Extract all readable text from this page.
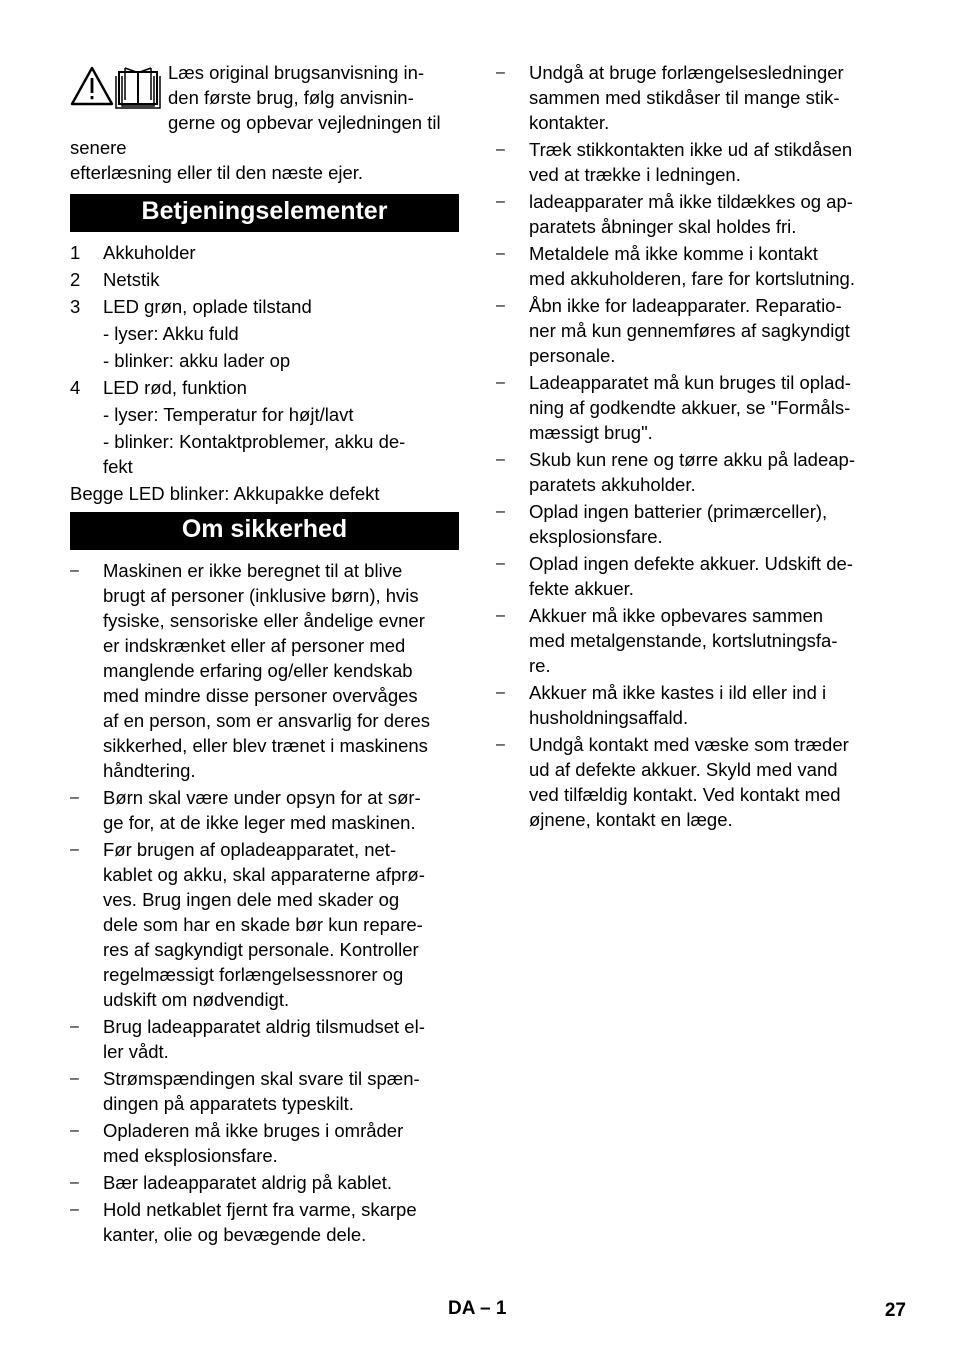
Læs original brugsanvisning in-
den første brug, følg anvisnin-
gerne og opbevar vejledningen til senere
efterlæsning eller til den næste ejer.

Betjeningselementer
1	Akkuholder
2	Netstik
3	LED grøn, oplade tilstand
- lyser: Akku fuld
- blinker: akku lader op
4	LED rød, funktion
- lyser: Temperatur for højt/lavt
- blinker: Kontaktproblemer, akku de-
fekt
Begge LED blinker: Akkupakke defekt
Om sikkerhed
–	Maskinen er ikke beregnet til at blive
brugt af personer (inklusive børn), hvis
fysiske, sensoriske eller åndelige evner
er indskrænket eller af personer med
manglende erfaring og/eller kendskab
med mindre disse personer overvåges
af en person, som er ansvarlig for deres
sikkerhed, eller blev trænet i maskinens
håndtering.
–	Børn skal være under opsyn for at sør-
ge for, at de ikke leger med maskinen.
–	Før brugen af opladeapparatet, net-
kablet og akku, skal apparaterne afprø-
ves. Brug ingen dele med skader og
dele som har en skade bør kun repare-
res af sagkyndigt personale. Kontroller
regelmæssigt forlængelsessnorer og
udskift om nødvendigt.
–	Brug ladeapparatet aldrig tilsmudset el-
ler vådt.
–	Strømspændingen skal svare til spæn-
dingen på apparatets typeskilt.
–	Opladeren må ikke bruges i områder
med eksplosionsfare.
–	Bær ladeapparatet aldrig på kablet.
–	Hold netkablet fjernt fra varme, skarpe
kanter, olie og bevægende dele.
–	Undgå at bruge forlængelsesledninger
sammen med stikdåser til mange stik-
kontakter.
–	Træk stikkontakten ikke ud af stikdåsen
ved at trække i ledningen.
–	ladeapparater må ikke tildækkes og ap-
paratets åbninger skal holdes fri.
–	Metaldele må ikke komme i kontakt
med akkuholderen, fare for kortslutning.
–	Åbn ikke for ladeapparater. Reparatio-
ner må kun gennemføres af sagkyndigt
personale.
–	Ladeapparatet må kun bruges til oplad-
ning af godkendte akkuer, se "Formåls-
mæssigt brug".
–	Skub kun rene og tørre akku på ladeap-
paratets akkuholder.
–	Oplad ingen batterier (primærceller),
eksplosionsfare.
–	Oplad ingen defekte akkuer. Udskift de-
fekte akkuer.
–	Akkuer må ikke opbevares sammen
med metalgenstande, kortslutningsfa-
re.
–	Akkuer må ikke kastes i ild eller ind i
husholdningsaffald.
–	Undgå kontakt med væske som træder
ud af defekte akkuer. Skyld med vand
ved tilfældig kontakt. Ved kontakt med
øjnene, kontakt en læge.
DA – 1	27
